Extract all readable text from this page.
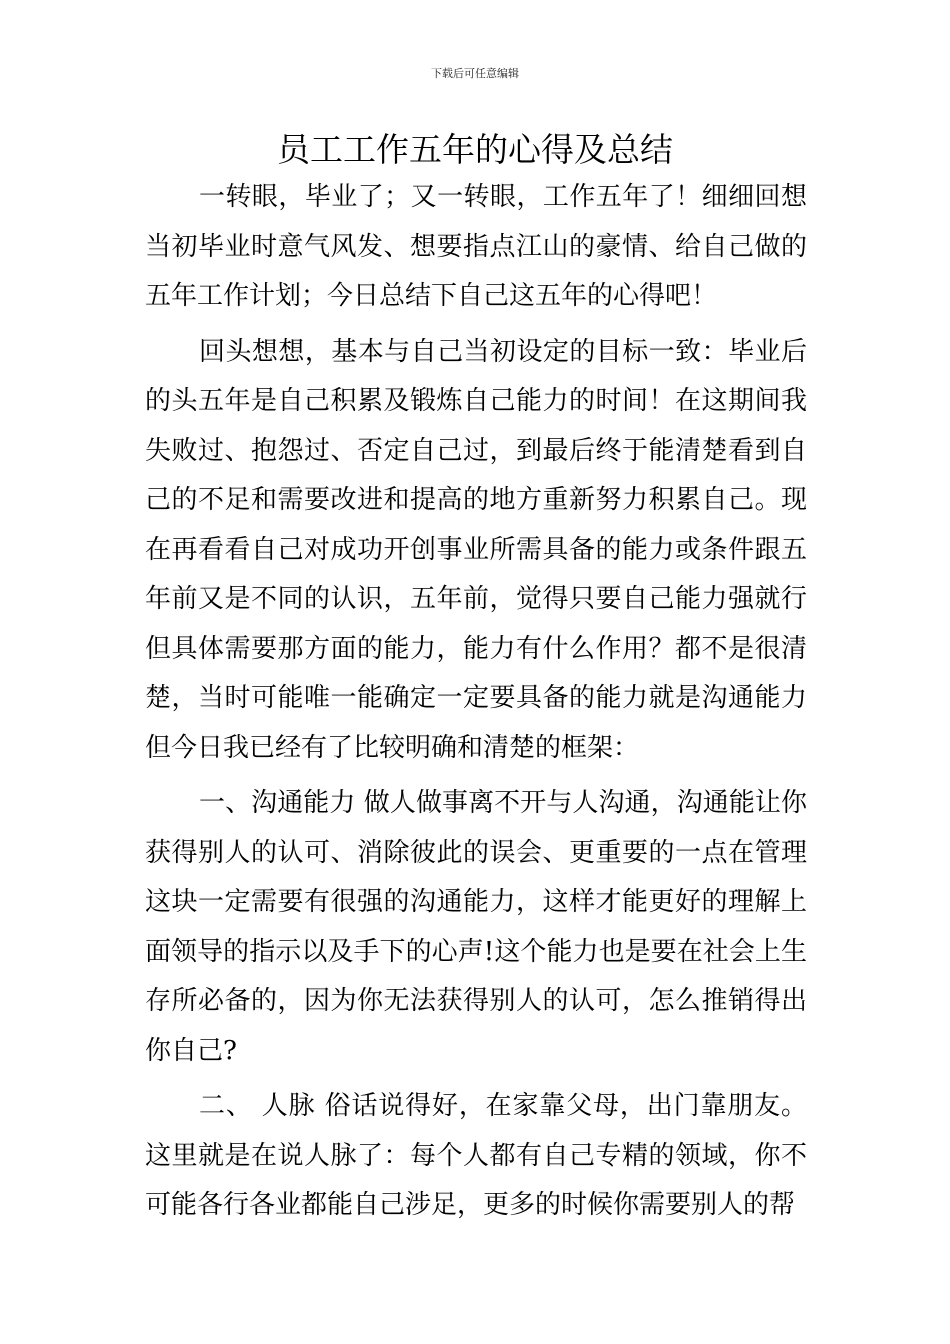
下载后可任意编辑
员工工作五年的心得及总结

一转眼，毕业了；又一转眼，工作五年了！细细回想当初毕业时意气风发、想要指点江山的豪情、给自己做的五年工作计划；今日总结下自己这五年的心得吧！

回头想想，基本与自己当初设定的目标一致：毕业后的头五年是自己积累及锻炼自己能力的时间！在这期间我失败过、抱怨过、否定自己过，到最后终于能清楚看到自己的不足和需要改进和提高的地方重新努力积累自己。现在再看看自己对成功开创事业所需具备的能力或条件跟五年前又是不同的认识，五年前，觉得只要自己能力强就行但具体需要那方面的能力，能力有什么作用？都不是很清楚，当时可能唯一能确定一定要具备的能力就是沟通能力但今日我已经有了比较明确和清楚的框架：

一、沟通能力 做人做事离不开与人沟通，沟通能让你获得别人的认可、消除彼此的误会、更重要的一点在管理这块一定需要有很强的沟通能力，这样才能更好的理解上面领导的指示以及手下的心声!这个能力也是要在社会上生存所必备的，因为你无法获得别人的认可，怎么推销得出你自己?

二、 人脉 俗话说得好，在家靠父母，出门靠朋友。这里就是在说人脉了：每个人都有自己专精的领域，你不可能各行各业都能自己涉足，更多的时候你需要别人的帮
